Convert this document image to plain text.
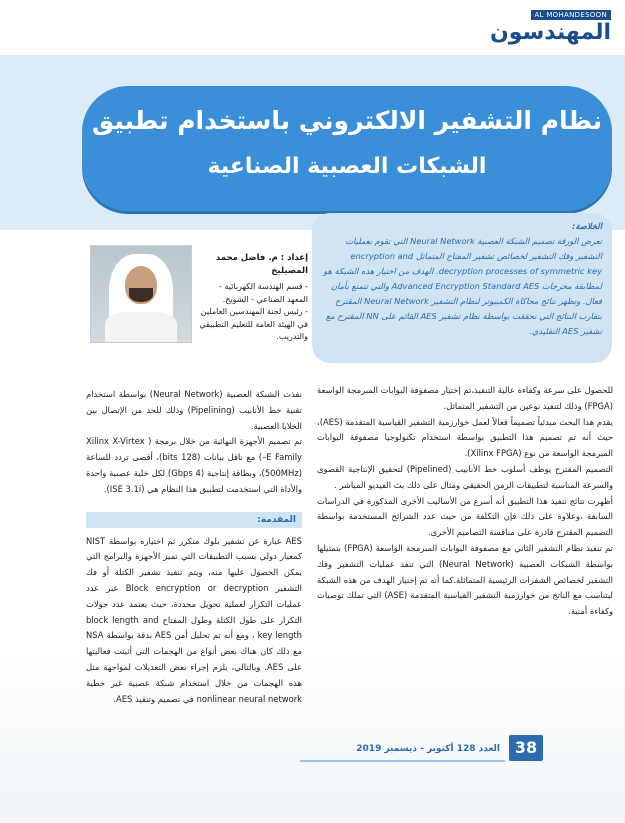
AL MOHANDESOON
المهندسون
نظام التشفير الالكتروني باستخدام تطبيق
الشبكات العصبية الصناعية
الخلاصة:
تعرض الورقة تصميم الشبكة العصبية Neural Network التي تقوم بعمليات التشفير وفك التشفير لخصائص تشفير المفتاح المتماثل encryption and decryption processes of symmetric key. الهدف من اختيار هذه الشبكة هو لمطابقة مخرجات Advanced Encryption Standard AES والتي تتمتع بأمان فعال. وتظهر نتائج محاكاة الكمبيوتر لنظام التشفير Neural Network المقترح بتقارب النتائج التي تحققت بواسطة نظام تشفير AES القائم على NN المقترح مع تشفير AES التقليدي.
إعداد : م. فاضل محمد المصيليخ
- قسم الهندسة الكهربائية - المعهد الصناعي - الشويخ.
- رئيس لجنة المهندسين العاملين في الهيئة العامة للتعليم التطبيقي والتدريب.

للحصول على سرعة وكفاءة عالية التنفيذ،تم إختيار مصفوفة البوابات المبرمجة الواسعة (FPGA) وذلك لتنفيذ نوعين من التشفير المتماثل.

يقدم هذا البحث مبدئياً تصميماً فعالاً لعمل خوارزمية التشفير القياسية المتقدمة (AES)، حيث أنه تم تصميم هذا التطبيق بواسطة استخدام تكنولوجيا مصفوفة البوابات المبرمجة الواسعة من نوع (Xilinx FPGA).

التصميم المقترح يوظف أسلوب خط الأنابيب (Pipelined) لتحقيق الإنتاجية القصوى والسرعة المناسبة لتطبيقات الزمن الحقيقي ومثال على ذلك بث الفيديو المباشر .

أظهرت نتائج تنفيذ هذا التطبيق أنه أسرع من الأساليب الأخرى المذكورة في الدراسات السابقة ،وعلاوة على ذلك فإن التكلفة من حيث عدد الشرائح المستخدمة بواسطة التصميم المقترح قادرة على منافسة التصاميم الأخرى.

تم تنفيذ نظام التشفير الثاني مع مصفوفة البوابات المبرمجة الواسعة (FPGA) بتمثيلها بواسطة الشبكات العصبية (Neural Network) التي تنفذ عمليات التشفير وفك التشفير لخصائص الشفرات الرئيسية المتماثلة.كما أنه تم إختيار الهدف من هذه الشبكة ليتناسب مع الناتج من خوارزمية التشفير القياسية المتقدمة (ASE) التي تملك توصيات وكفاءة أمنية.

نفذت الشبكة العصبية (Neural Network) بواسطة استخدام تقنية خط الأنابيب (Pipelining) وذلك للحد من الإتصال بين الخلايا العصبية.

تم تصميم الأجهزة النهائية من خلال برمجة ( Xilinx X-Virtex –E Family) مع ناقل بيانات (128 bits)، أقصى تردد للساعة (500MHz)، وبطاقة إنتاجية (4 Gbps) لكل خلية عصبية واحدة والأداة التي استخدمت لتطبيق هذا النظام هي (ISE 3.1i).

المقدمة:

AES عبارة عن تشفير بلوك متكرر تم اختياره بواسطة NIST كمعيار دولي بسبب التطبيقات التي تميز الأجهزة والبرامج التي يمكن الحصول عليها منه، ويتم تنفيذ تشفير الكتلة أو فك التشفير Block encryption or decryption عبر عدد عمليات التكرار لعملية تحويل محددة، حيث يعتمد عدد جولات التكرار على طول الكتلة وطول المفتاح block length and key length ، ومع أنه تم تحليل أمن AES بدقة بواسطة NSA مع ذلك كان هناك بعض أنواع من الهجمات التي أثبتت فعاليتها على AES. وبالتالي، يلزم إجراء بعض التعديلات لمواجهة مثل هذه الهجمات من خلال استخدام شبكة عصبية غير خطية nonlinear neural network في تصميم وتنفيذ AES.

38
العدد 128 أكتوبر - ديسمبر 2019
